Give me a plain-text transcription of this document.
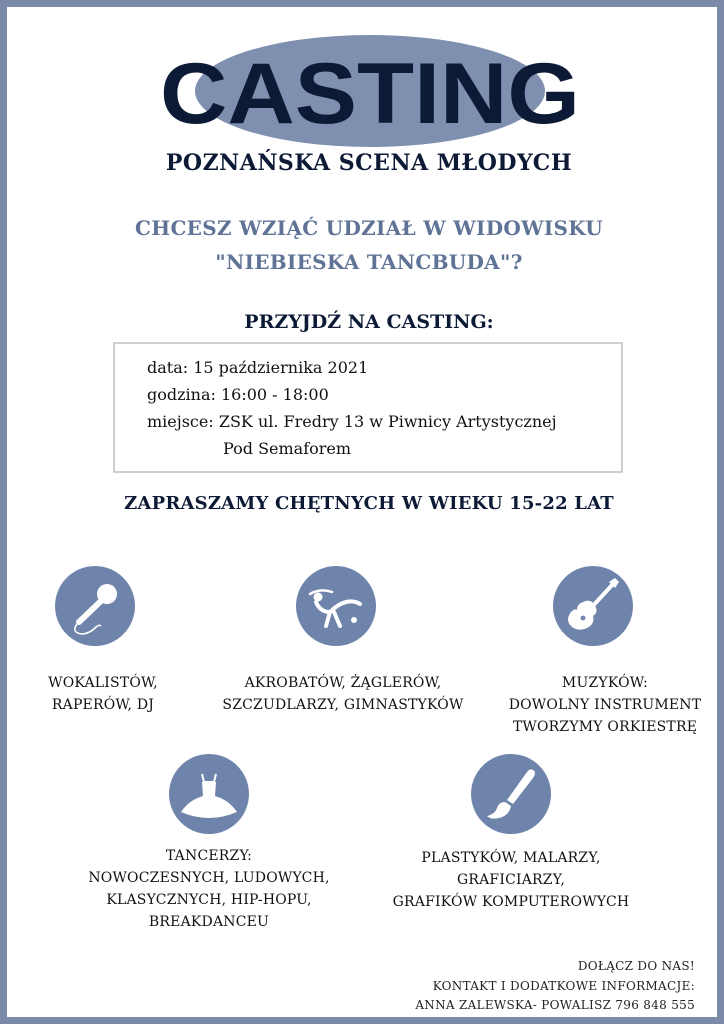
CASTING
POZNAŃSKA SCENA MŁODYCH
CHCESZ WZIĄĆ UDZIAŁ W WIDOWISKU
"NIEBIESKA TANCBUDA"?
PRZYJDŹ NA CASTING:
data: 15 października 2021
godzina: 16:00 - 18:00
miejsce: ZSK ul. Fredry 13 w Piwnicy Artystycznej
Pod Semaforem
ZAPRASZAMY CHĘTNYCH W WIEKU 15-22 LAT
WOKALISTÓW,
RAPERÓW, DJ
AKROBATÓW, ŻĄGLERÓW,
SZCZUDLARZY, GIMNASTYKÓW
MUZYKÓW:
DOWOLNY INSTRUMENT
TWORZYMY ORKIESTRĘ
TANCERZY:
NOWOCZESNYCH, LUDOWYCH,
KLASYCZNYCH, HIP-HOPU,
BREAKDANCEU
PLASTYKÓW, MALARZY,
GRAFICIARZY,
GRAFIKÓW KOMPUTEROWYCH
DOŁĄCZ DO NAS!
KONTAKT I DODATKOWE INFORMACJE:
ANNA ZALEWSKA- POWALISZ 796 848 555
